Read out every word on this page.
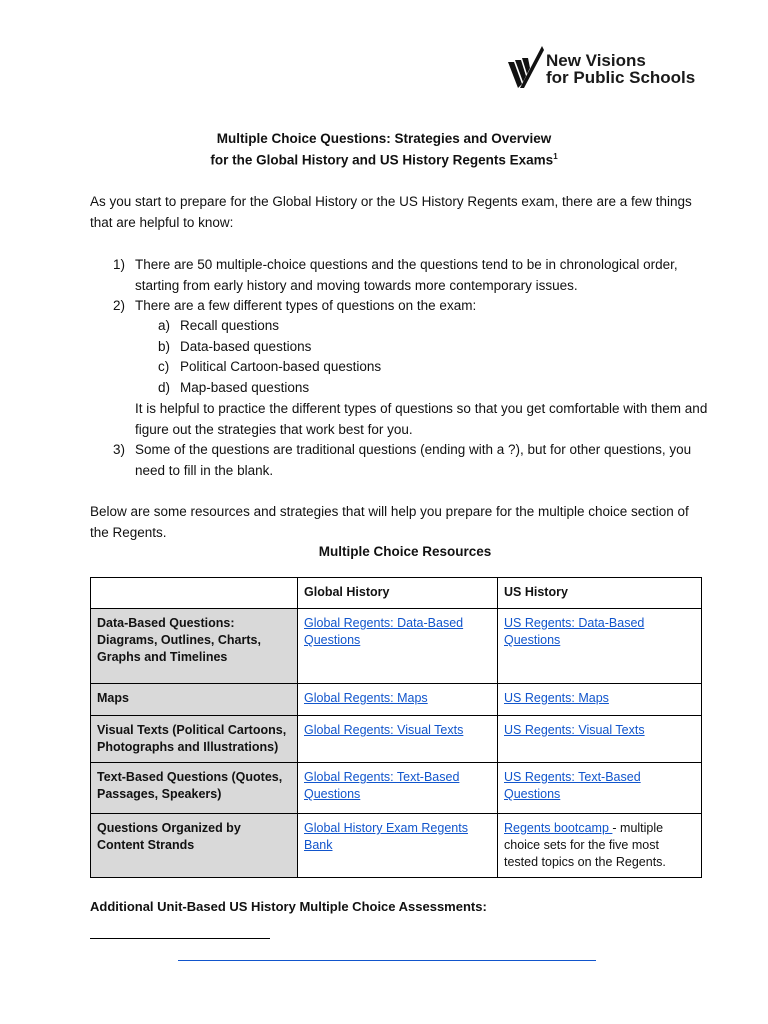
New Visions
for Public Schools
Multiple Choice Questions: Strategies and Overview
for the Global History and US History Regents Exams$^1$
As you start to prepare for the Global History or the US History Regents exam, there are a few things that are helpful to know:
1) There are 50 multiple-choice questions and the questions tend to be in chronological order, starting from early history and moving towards more contemporary issues.
2) There are a few different types of questions on the exam:
a) Recall questions
b) Data-based questions
c) Political Cartoon-based questions
d) Map-based questions
It is helpful to practice the different types of questions so that you get comfortable with them and figure out the strategies that work best for you.
3) Some of the questions are traditional questions (ending with a ?), but for other questions, you need to fill in the blank.
Below are some resources and strategies that will help you prepare for the multiple choice section of the Regents.
Multiple Choice Resources
	Global History	US History
Data-Based Questions: Diagrams, Outlines, Charts, Graphs and Timelines	Global Regents: Data-Based Questions	US Regents: Data-Based Questions
Maps	Global Regents: Maps	US Regents: Maps
Visual Texts (Political Cartoons, Photographs and Illustrations)	Global Regents: Visual Texts	US Regents: Visual Texts
Text-Based Questions (Quotes, Passages, Speakers)	Global Regents: Text-Based Questions	US Regents: Text-Based Questions
Questions Organized by Content Strands	Global History Exam Regents Bank	Regents bootcamp - multiple choice sets for the five most tested topics on the Regents.
Additional Unit-Based US History Multiple Choice Assessments:
